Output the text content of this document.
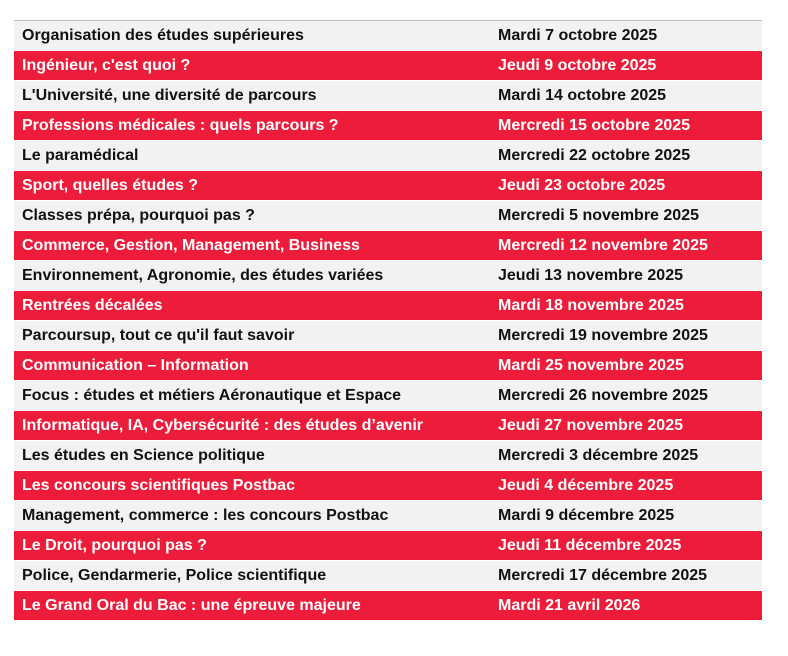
Organisation des études supérieures	Mardi 7 octobre 2025
Ingénieur, c'est quoi ?	Jeudi 9 octobre 2025
L'Université, une diversité de parcours	Mardi 14 octobre 2025
Professions médicales : quels parcours ?	Mercredi 15 octobre 2025
Le paramédical	Mercredi 22 octobre 2025
Sport, quelles études ?	Jeudi 23 octobre 2025
Classes prépa, pourquoi pas ?	Mercredi 5 novembre 2025
Commerce, Gestion, Management, Business	Mercredi 12 novembre 2025
Environnement, Agronomie, des études variées	Jeudi 13 novembre 2025
Rentrées décalées	Mardi 18 novembre 2025
Parcoursup, tout ce qu'il faut savoir	Mercredi 19 novembre 2025
Communication – Information	Mardi 25 novembre 2025
Focus : études et métiers Aéronautique et Espace	Mercredi 26 novembre 2025
Informatique, IA, Cybersécurité : des études d’avenir	Jeudi 27 novembre 2025
Les études en Science politique	Mercredi 3 décembre 2025
Les concours scientifiques Postbac	Jeudi 4 décembre 2025
Management, commerce : les concours Postbac	Mardi 9 décembre 2025
Le Droit, pourquoi pas ?	Jeudi 11 décembre 2025
Police, Gendarmerie, Police scientifique	Mercredi 17 décembre 2025
Le Grand Oral du Bac : une épreuve majeure	Mardi 21 avril 2026
